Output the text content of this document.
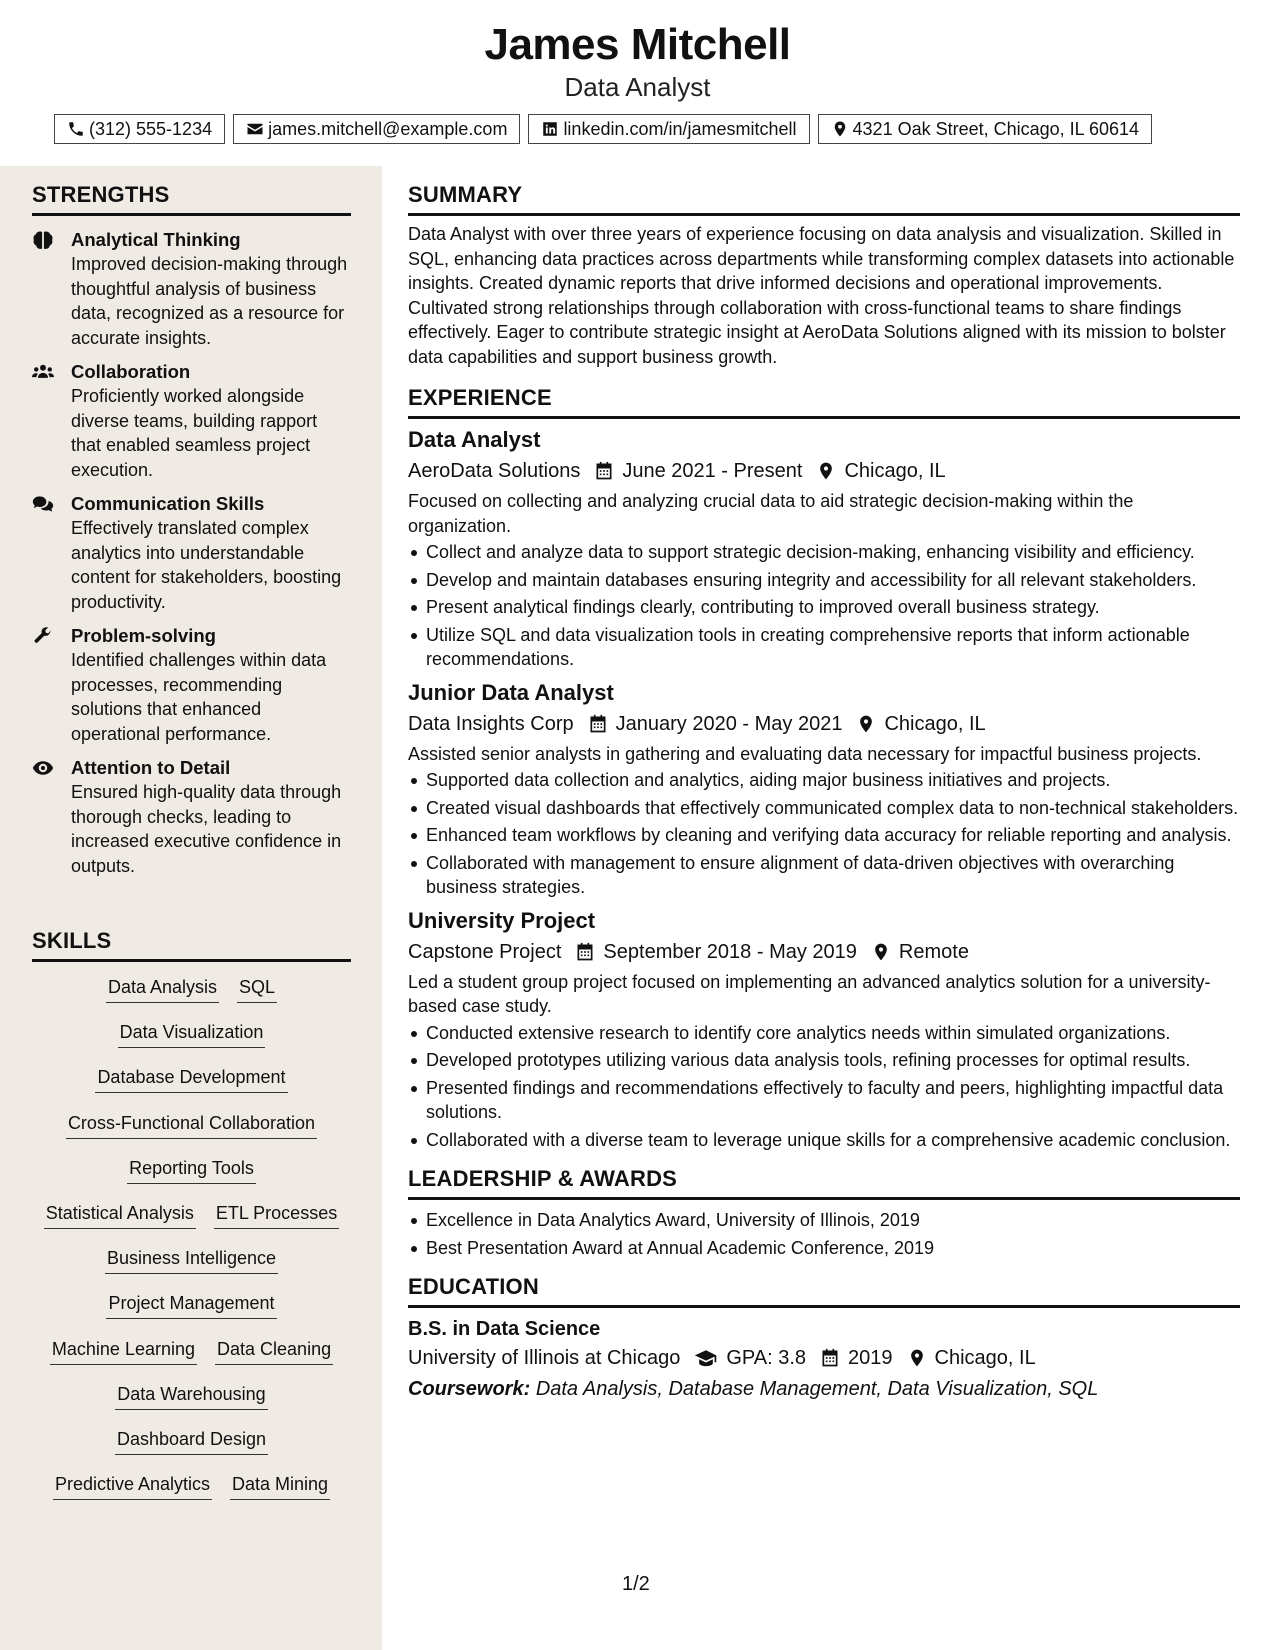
James Mitchell
Data Analyst
(312) 555-1234	james.mitchell@example.com	linkedin.com/in/jamesmitchell	4321 Oak Street, Chicago, IL 60614
STRENGTHS
Analytical Thinking
Improved decision-making through thoughtful analysis of business data, recognized as a resource for accurate insights.
Collaboration
Proficiently worked alongside diverse teams, building rapport that enabled seamless project execution.
Communication Skills
Effectively translated complex analytics into understandable content for stakeholders, boosting productivity.
Problem-solving
Identified challenges within data processes, recommending solutions that enhanced operational performance.
Attention to Detail
Ensured high-quality data through thorough checks, leading to increased executive confidence in outputs.
SKILLS
Data Analysis SQL
Data Visualization
Database Development
Cross-Functional Collaboration
Reporting Tools
Statistical Analysis ETL Processes
Business Intelligence
Project Management
Machine Learning Data Cleaning
Data Warehousing
Dashboard Design
Predictive Analytics Data Mining
SUMMARY
Data Analyst with over three years of experience focusing on data analysis and visualization. Skilled in SQL, enhancing data practices across departments while transforming complex datasets into actionable insights. Created dynamic reports that drive informed decisions and operational improvements. Cultivated strong relationships through collaboration with cross-functional teams to share findings effectively. Eager to contribute strategic insight at AeroData Solutions aligned with its mission to bolster data capabilities and support business growth.
EXPERIENCE
Data Analyst
AeroData Solutions June 2021 - Present Chicago, IL
Focused on collecting and analyzing crucial data to aid strategic decision-making within the organization.
Collect and analyze data to support strategic decision-making, enhancing visibility and efficiency.
Develop and maintain databases ensuring integrity and accessibility for all relevant stakeholders.
Present analytical findings clearly, contributing to improved overall business strategy.
Utilize SQL and data visualization tools in creating comprehensive reports that inform actionable recommendations.
Junior Data Analyst
Data Insights Corp January 2020 - May 2021 Chicago, IL
Assisted senior analysts in gathering and evaluating data necessary for impactful business projects.
Supported data collection and analytics, aiding major business initiatives and projects.
Created visual dashboards that effectively communicated complex data to non-technical stakeholders.
Enhanced team workflows by cleaning and verifying data accuracy for reliable reporting and analysis.
Collaborated with management to ensure alignment of data-driven objectives with overarching business strategies.
University Project
Capstone Project September 2018 - May 2019 Remote
Led a student group project focused on implementing an advanced analytics solution for a university-based case study.
Conducted extensive research to identify core analytics needs within simulated organizations.
Developed prototypes utilizing various data analysis tools, refining processes for optimal results.
Presented findings and recommendations effectively to faculty and peers, highlighting impactful data solutions.
Collaborated with a diverse team to leverage unique skills for a comprehensive academic conclusion.
LEADERSHIP & AWARDS
Excellence in Data Analytics Award, University of Illinois, 2019
Best Presentation Award at Annual Academic Conference, 2019
EDUCATION
B.S. in Data Science
University of Illinois at Chicago GPA: 3.8 2019 Chicago, IL
Coursework: Data Analysis, Database Management, Data Visualization, SQL
1/2
